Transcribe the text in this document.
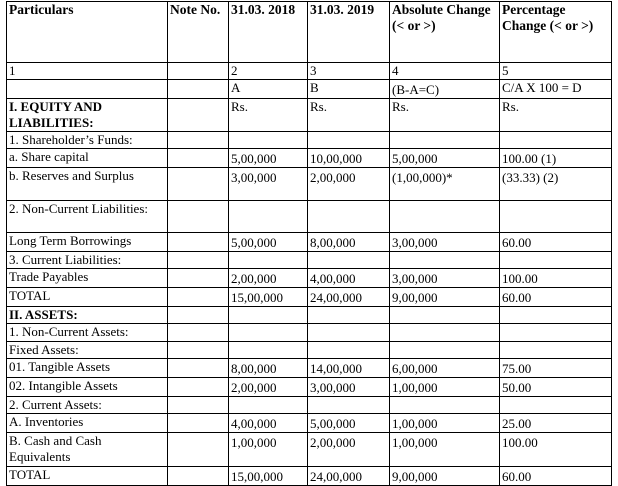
Particulars	Note No.	31.03. 2018	31.03. 2019	Absolute Change (< or >)	Percentage Change (< or >)
1		2	3	4	5
		A	B	(B-A=C)	C/A X 100 = D
I. EQUITY AND LIABILITIES:		Rs.	Rs.	Rs.	Rs.
1. Shareholder’s Funds:					
a. Share capital		5,00,000	10,00,000	5,00,000	100.00 (1)
b. Reserves and Surplus		3,00,000	2,00,000	(1,00,000)*	(33.33) (2)
2. Non-Current Liabilities:					
Long Term Borrowings		5,00,000	8,00,000	3,00,000	60.00
3. Current Liabilities:					
Trade Payables		2,00,000	4,00,000	3,00,000	100.00
TOTAL		15,00,000	24,00,000	9,00,000	60.00
II. ASSETS:					
1. Non-Current Assets:					
Fixed Assets:					
01. Tangible Assets		8,00,000	14,00,000	6,00,000	75.00
02. Intangible Assets		2,00,000	3,00,000	1,00,000	50.00
2. Current Assets:					
A. Inventories		4,00,000	5,00,000	1,00,000	25.00
B. Cash and Cash Equivalents		1,00,000	2,00,000	1,00,000	100.00
TOTAL		15,00,000	24,00,000	9,00,000	60.00
